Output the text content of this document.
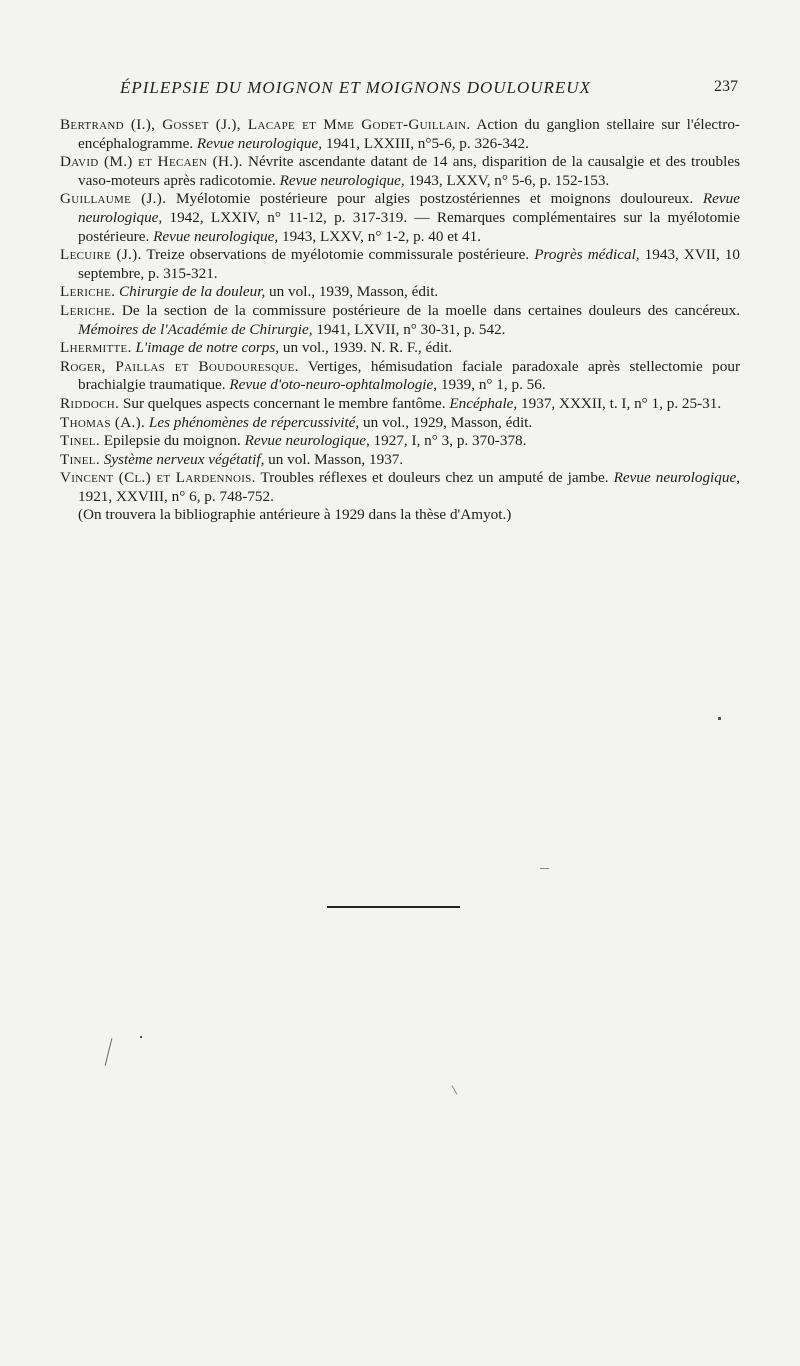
ÉPILEPSIE DU MOIGNON ET MOIGNONS DOULOUREUX	237

Bertrand (I.), Gosset (J.), Lacape et Mme Godet-Guillain. Action du ganglion stellaire sur l'électro-encéphalogramme. Revue neurologique, 1941, LXXIII, n°5-6, p. 326-342.

David (M.) et Hecaen (H.). Névrite ascendante datant de 14 ans, disparition de la causalgie et des troubles vaso-moteurs après radicotomie. Revue neurologique, 1943, LXXV, n° 5-6, p. 152-153.

Guillaume (J.). Myélotomie postérieure pour algies postzostériennes et moignons douloureux. Revue neurologique, 1942, LXXIV, n° 11-12, p. 317-319. — Remarques complémentaires sur la myélotomie postérieure. Revue neurologique, 1943, LXXV, n° 1-2, p. 40 et 41.

Lecuire (J.). Treize observations de myélotomie commissurale postérieure. Progrès médical, 1943, XVII, 10 septembre, p. 315-321.

Leriche. Chirurgie de la douleur, un vol., 1939, Masson, édit.

Leriche. De la section de la commissure postérieure de la moelle dans certaines douleurs des cancéreux. Mémoires de l'Académie de Chirurgie, 1941, LXVII, n° 30-31, p. 542.

Lhermitte. L'image de notre corps, un vol., 1939. N. R. F., édit.

Roger, Paillas et Boudouresque. Vertiges, hémisudation faciale paradoxale après stellectomie pour brachialgie traumatique. Revue d'oto-neuro-ophtalmologie, 1939, n° 1, p. 56.

Riddoch. Sur quelques aspects concernant le membre fantôme. Encéphale, 1937, XXXII, t. I, n° 1, p. 25-31.

Thomas (A.). Les phénomènes de répercussivité, un vol., 1929, Masson, édit.

Tinel. Epilepsie du moignon. Revue neurologique, 1927, I, n° 3, p. 370-378.

Tinel. Système nerveux végétatif, un vol. Masson, 1937.

Vincent (Cl.) et Lardennois. Troubles réflexes et douleurs chez un amputé de jambe. Revue neurologique, 1921, XXVIII, n° 6, p. 748-752.

(On trouvera la bibliographie antérieure à 1929 dans la thèse d'Amyot.)
